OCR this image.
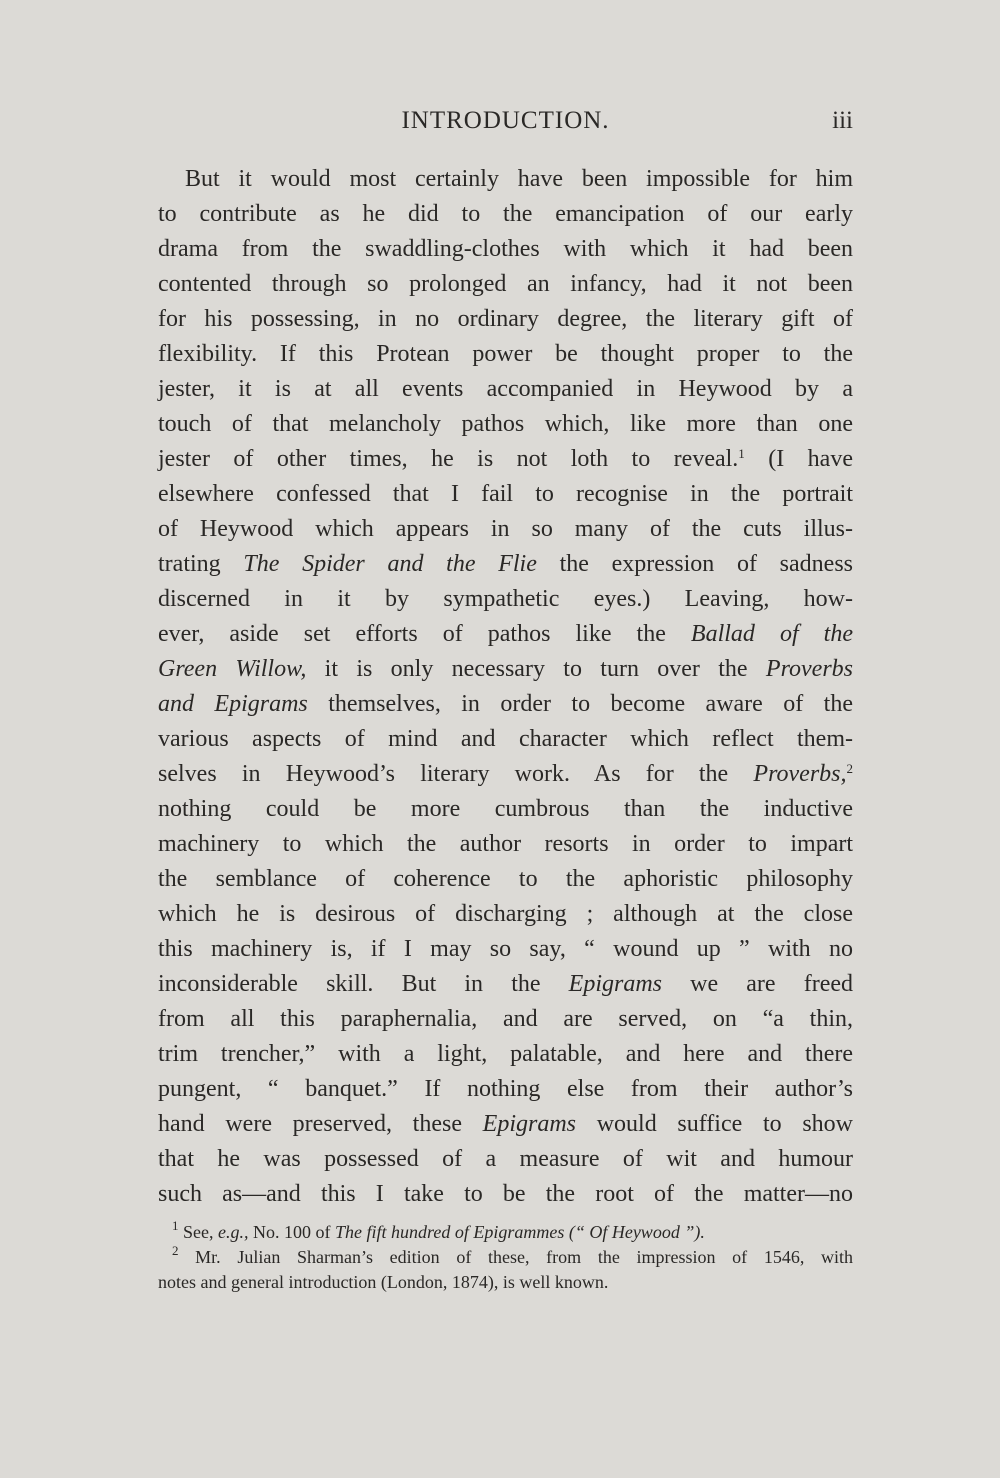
INTRODUCTION.	iii
But it would most certainly have been impossible for him
to contribute as he did to the emancipation of our early
drama from the swaddling-clothes with which it had been
contented through so prolonged an infancy, had it not been
for his possessing, in no ordinary degree, the literary gift of
flexibility. If this Protean power be thought proper to the
jester, it is at all events accompanied in Heywood by a
touch of that melancholy pathos which, like more than one
jester of other times, he is not loth to reveal.$^1$ (I have
elsewhere confessed that I fail to recognise in the portrait
of Heywood which appears in so many of the cuts illus-
trating The Spider and the Flie the expression of sadness
discerned in it by sympathetic eyes.) Leaving, how-
ever, aside set efforts of pathos like the Ballad of the
Green Willow, it is only necessary to turn over the Proverbs
and Epigrams themselves, in order to become aware of the
various aspects of mind and character which reflect them-
selves in Heywood’s literary work. As for the Proverbs,$^2$
nothing could be more cumbrous than the inductive
machinery to which the author resorts in order to impart
the semblance of coherence to the aphoristic philosophy
which he is desirous of discharging ; although at the close
this machinery is, if I may so say, “ wound up ” with no
inconsiderable skill. But in the Epigrams we are freed
from all this paraphernalia, and are served, on “a thin,
trim trencher,” with a light, palatable, and here and there
pungent, “ banquet.” If nothing else from their author’s
hand were preserved, these Epigrams would suffice to show
that he was possessed of a measure of wit and humour
such as—and this I take to be the root of the matter—no
$^1$ See, e.g., No. 100 of The fift hundred of Epigrammes (“ Of Heywood ”).
$^2$ Mr. Julian Sharman’s edition of these, from the impression of 1546, with
notes and general introduction (London, 1874), is well known.
